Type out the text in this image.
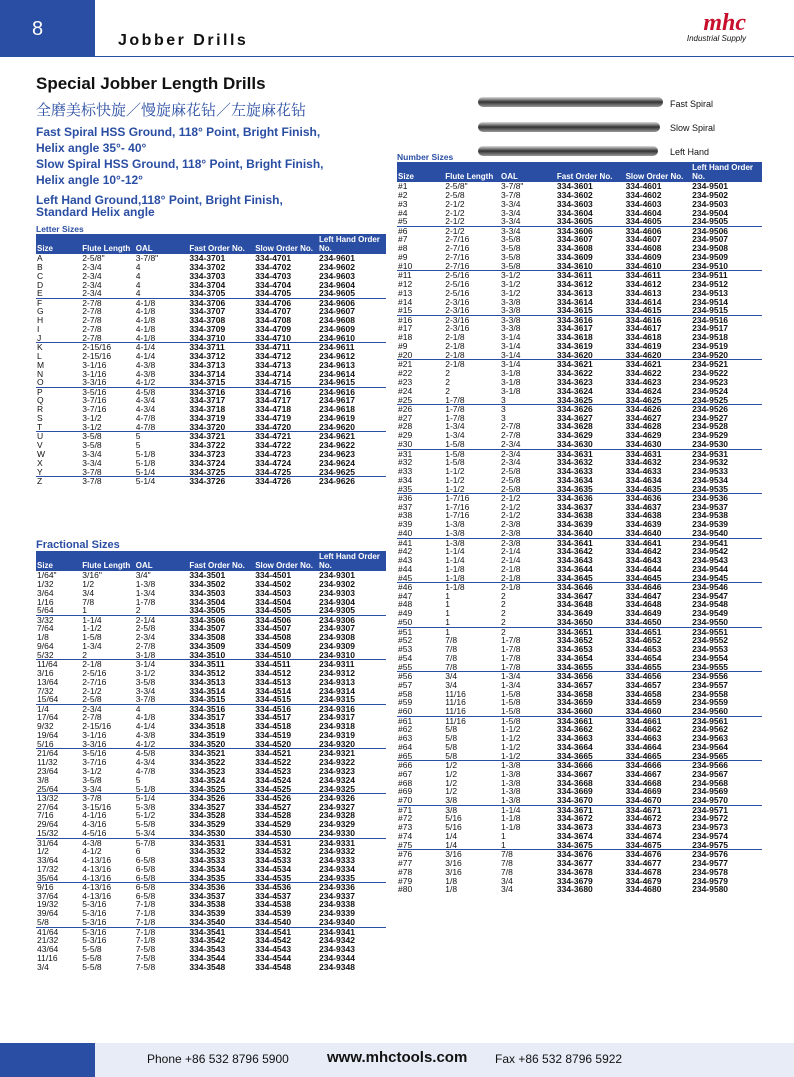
8
Jobber Drills
mhc
Industrial Supply
Special Jobber Length Drills
全磨美标快旋／慢旋麻花钻／左旋麻花钻
Fast Spiral HSS Ground, 118° Point, Bright Finish,
Helix angle 35°- 40°
Slow Spiral HSS Ground, 118° Point, Bright Finish,
Helix angle 10°-12°
Left Hand Ground,118° Point, Bright Finish,
Standard Helix angle
Fast Spiral
Slow Spiral
Left Hand
Letter Sizes
Size	Flute Length	OAL	Fast Order No.	Slow Order No.	Left Hand Order No.
A	2-5/8"	3-7/8"	334-3701	334-4701	234-9601
B	2-3/4	4	334-3702	334-4702	234-9602
C	2-3/4	4	334-3703	334-4703	234-9603
D	2-3/4	4	334-3704	334-4704	234-9604
E	2-3/4	4	334-3705	334-4705	234-9605
F	2-7/8	4-1/8	334-3706	334-4706	234-9606
G	2-7/8	4-1/8	334-3707	334-4707	234-9607
H	2-7/8	4-1/8	334-3708	334-4708	234-9608
I	2-7/8	4-1/8	334-3709	334-4709	234-9609
J	2-7/8	4-1/8	334-3710	334-4710	234-9610
K	2-15/16	4-1/4	334-3711	334-4711	234-9611
L	2-15/16	4-1/4	334-3712	334-4712	234-9612
M	3-1/16	4-3/8	334-3713	334-4713	234-9613
N	3-1/16	4-3/8	334-3714	334-4714	234-9614
O	3-3/16	4-1/2	334-3715	334-4715	234-9615
P	3-5/16	4-5/8	334-3716	334-4716	234-9616
Q	3-7/16	4-3/4	334-3717	334-4717	234-9617
R	3-7/16	4-3/4	334-3718	334-4718	234-9618
S	3-1/2	4-7/8	334-3719	334-4719	234-9619
T	3-1/2	4-7/8	334-3720	334-4720	234-9620
U	3-5/8	5	334-3721	334-4721	234-9621
V	3-5/8	5	334-3722	334-4722	234-9622
W	3-3/4	5-1/8	334-3723	334-4723	234-9623
X	3-3/4	5-1/8	334-3724	334-4724	234-9624
Y	3-7/8	5-1/4	334-3725	334-4725	234-9625
Z	3-7/8	5-1/4	334-3726	334-4726	234-9626
Fractional Sizes
Size	Flute Length	OAL	Fast Order No.	Slow Order No.	Left Hand Order No.
1/64"	3/16"	3/4"	334-3501	334-4501	234-9301
1/32	1/2	1-3/8	334-3502	334-4502	234-9302
3/64	3/4	1-3/4	334-3503	334-4503	234-9303
1/16	7/8	1-7/8	334-3504	334-4504	234-9304
5/64	1	2	334-3505	334-4505	234-9305
3/32	1-1/4	2-1/4	334-3506	334-4506	234-9306
7/64	1-1/2	2-5/8	334-3507	334-4507	234-9307
1/8	1-5/8	2-3/4	334-3508	334-4508	234-9308
9/64	1-3/4	2-7/8	334-3509	334-4509	234-9309
5/32	2	3-1/8	334-3510	334-4510	234-9310
11/64	2-1/8	3-1/4	334-3511	334-4511	234-9311
3/16	2-5/16	3-1/2	334-3512	334-4512	234-9312
13/64	2-7/16	3-5/8	334-3513	334-4513	234-9313
7/32	2-1/2	3-3/4	334-3514	334-4514	234-9314
15/64	2-5/8	3-7/8	334-3515	334-4515	234-9315
1/4	2-3/4	4	334-3516	334-4516	234-9316
17/64	2-7/8	4-1/8	334-3517	334-4517	234-9317
9/32	2-15/16	4-1/4	334-3518	334-4518	234-9318
19/64	3-1/16	4-3/8	334-3519	334-4519	234-9319
5/16	3-3/16	4-1/2	334-3520	334-4520	234-9320
21/64	3-5/16	4-5/8	334-3521	334-4521	234-9321
11/32	3-7/16	4-3/4	334-3522	334-4522	234-9322
23/64	3-1/2	4-7/8	334-3523	334-4523	234-9323
3/8	3-5/8	5	334-3524	334-4524	234-9324
25/64	3-3/4	5-1/8	334-3525	334-4525	234-9325
13/32	3-7/8	5-1/4	334-3526	334-4526	234-9326
27/64	3-15/16	5-3/8	334-3527	334-4527	234-9327
7/16	4-1/16	5-1/2	334-3528	334-4528	234-9328
29/64	4-3/16	5-5/8	334-3529	334-4529	234-9329
15/32	4-5/16	5-3/4	334-3530	334-4530	234-9330
31/64	4-3/8	5-7/8	334-3531	334-4531	234-9331
1/2	4-1/2	6	334-3532	334-4532	234-9332
33/64	4-13/16	6-5/8	334-3533	334-4533	234-9333
17/32	4-13/16	6-5/8	334-3534	334-4534	234-9334
35/64	4-13/16	6-5/8	334-3535	334-4535	234-9335
9/16	4-13/16	6-5/8	334-3536	334-4536	234-9336
37/64	4-13/16	6-5/8	334-3537	334-4537	234-9337
19/32	5-3/16	7-1/8	334-3538	334-4538	234-9338
39/64	5-3/16	7-1/8	334-3539	334-4539	234-9339
5/8	5-3/16	7-1/8	334-3540	334-4540	234-9340
41/64	5-3/16	7-1/8	334-3541	334-4541	234-9341
21/32	5-3/16	7-1/8	334-3542	334-4542	234-9342
43/64	5-5/8	7-5/8	334-3543	334-4543	234-9343
11/16	5-5/8	7-5/8	334-3544	334-4544	234-9344
3/4	5-5/8	7-5/8	334-3548	334-4548	234-9348
Number Sizes
Size	Flute Length	OAL	Fast Order No.	Slow Order No.	Left Hand Order No.
#1	2-5/8"	3-7/8"	334-3601	334-4601	234-9501
#2	2-5/8	3-7/8	334-3602	334-4602	234-9502
#3	2-1/2	3-3/4	334-3603	334-4603	234-9503
#4	2-1/2	3-3/4	334-3604	334-4604	234-9504
#5	2-1/2	3-3/4	334-3605	334-4605	234-9505
#6	2-1/2	3-3/4	334-3606	334-4606	234-9506
#7	2-7/16	3-5/8	334-3607	334-4607	234-9507
#8	2-7/16	3-5/8	334-3608	334-4608	234-9508
#9	2-7/16	3-5/8	334-3609	334-4609	234-9509
#10	2-7/16	3-5/8	334-3610	334-4610	234-9510
#11	2-5/16	3-1/2	334-3611	334-4611	234-9511
#12	2-5/16	3-1/2	334-3612	334-4612	234-9512
#13	2-5/16	3-1/2	334-3613	334-4613	234-9513
#14	2-3/16	3-3/8	334-3614	334-4614	234-9514
#15	2-3/16	3-3/8	334-3615	334-4615	234-9515
#16	2-3/16	3-3/8	334-3616	334-4616	234-9516
#17	2-3/16	3-3/8	334-3617	334-4617	234-9517
#18	2-1/8	3-1/4	334-3618	334-4618	234-9518
#9	2-1/8	3-1/4	334-3619	334-4619	234-9519
#20	2-1/8	3-1/4	334-3620	334-4620	234-9520
#21	2-1/8	3-1/4	334-3621	334-4621	234-9521
#22	2	3-1/8	334-3622	334-4622	234-9522
#23	2	3-1/8	334-3623	334-4623	234-9523
#24	2	3-1/8	334-3624	334-4624	234-9524
#25	1-7/8	3	334-3625	334-4625	234-9525
#26	1-7/8	3	334-3626	334-4626	234-9526
#27	1-7/8	3	334-3627	334-4627	234-9527
#28	1-3/4	2-7/8	334-3628	334-4628	234-9528
#29	1-3/4	2-7/8	334-3629	334-4629	234-9529
#30	1-5/8	2-3/4	334-3630	334-4630	234-9530
#31	1-5/8	2-3/4	334-3631	334-4631	234-9531
#32	1-5/8	2-3/4	334-3632	334-4632	234-9532
#33	1-1/2	2-5/8	334-3633	334-4633	234-9533
#34	1-1/2	2-5/8	334-3634	334-4634	234-9534
#35	1-1/2	2-5/8	334-3635	334-4635	234-9535
#36	1-7/16	2-1/2	334-3636	334-4636	234-9536
#37	1-7/16	2-1/2	334-3637	334-4637	234-9537
#38	1-7/16	2-1/2	334-3638	334-4638	234-9538
#39	1-3/8	2-3/8	334-3639	334-4639	234-9539
#40	1-3/8	2-3/8	334-3640	334-4640	234-9540
#41	1-3/8	2-3/8	334-3641	334-4641	234-9541
#42	1-1/4	2-1/4	334-3642	334-4642	234-9542
#43	1-1/4	2-1/4	334-3643	334-4643	234-9543
#44	1-1/8	2-1/8	334-3644	334-4644	234-9544
#45	1-1/8	2-1/8	334-3645	334-4645	234-9545
#46	1-1/8	2-1/8	334-3646	334-4646	234-9546
#47	1	2	334-3647	334-4647	234-9547
#48	1	2	334-3648	334-4648	234-9548
#49	1	2	334-3649	334-4649	234-9549
#50	1	2	334-3650	334-4650	234-9550
#51	1	2	334-3651	334-4651	234-9551
#52	7/8	1-7/8	334-3652	334-4652	234-9552
#53	7/8	1-7/8	334-3653	334-4653	234-9553
#54	7/8	1-7/8	334-3654	334-4654	234-9554
#55	7/8	1-7/8	334-3655	334-4655	234-9555
#56	3/4	1-3/4	334-3656	334-4656	234-9556
#57	3/4	1-3/4	334-3657	334-4657	234-9557
#58	11/16	1-5/8	334-3658	334-4658	234-9558
#59	11/16	1-5/8	334-3659	334-4659	234-9559
#60	11/16	1-5/8	334-3660	334-4660	234-9560
#61	11/16	1-5/8	334-3661	334-4661	234-9561
#62	5/8	1-1/2	334-3662	334-4662	234-9562
#63	5/8	1-1/2	334-3663	334-4663	234-9563
#64	5/8	1-1/2	334-3664	334-4664	234-9564
#65	5/8	1-1/2	334-3665	334-4665	234-9565
#66	1/2	1-3/8	334-3666	334-4666	234-9566
#67	1/2	1-3/8	334-3667	334-4667	234-9567
#68	1/2	1-3/8	334-3668	334-4668	234-9568
#69	1/2	1-3/8	334-3669	334-4669	234-9569
#70	3/8	1-3/8	334-3670	334-4670	234-9570
#71	3/8	1-1/4	334-3671	334-4671	234-9571
#72	5/16	1-1/8	334-3672	334-4672	234-9572
#73	5/16	1-1/8	334-3673	334-4673	234-9573
#74	1/4	1	334-3674	334-4674	234-9574
#75	1/4	1	334-3675	334-4675	234-9575
#76	3/16	7/8	334-3676	334-4676	234-9576
#77	3/16	7/8	334-3677	334-4677	234-9577
#78	3/16	7/8	334-3678	334-4678	234-9578
#79	1/8	3/4	334-3679	334-4679	234-9579
#80	1/8	3/4	334-3680	334-4680	234-9580
Phone +86 532 8796 5900	www.mhctools.com Fax +86 532 8796 5922
